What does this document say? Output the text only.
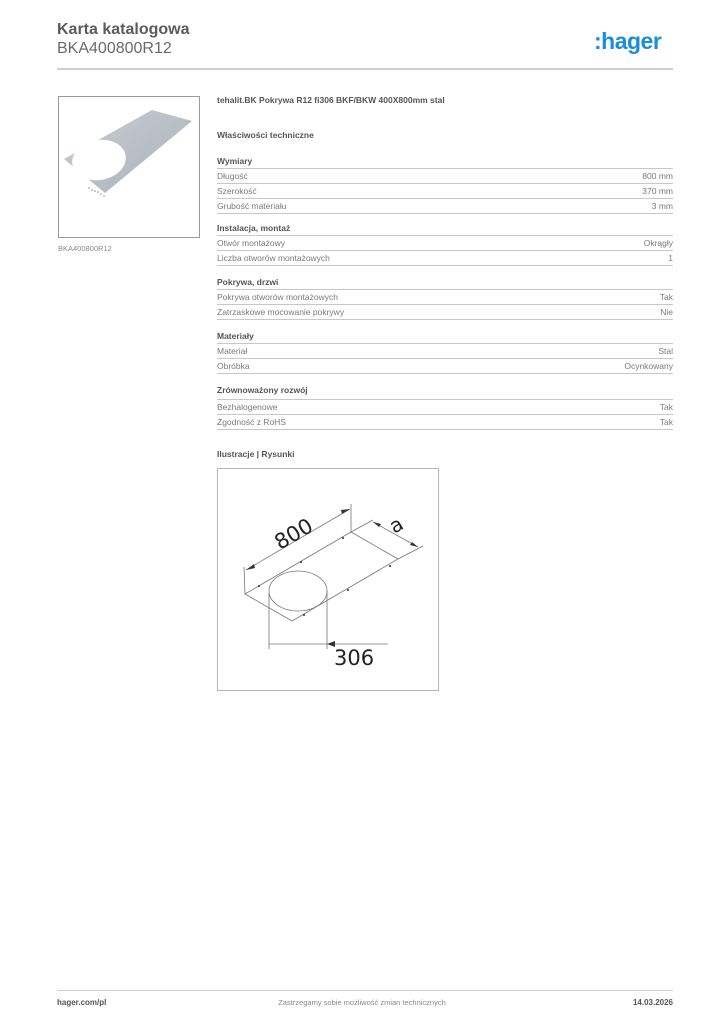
Karta katalogowa
BKA400800R12	:hager
BKA400800R12
tehalit.BK Pokrywa R12 fi306 BKF/BKW 400X800mm stal
Właściwości techniczne
Wymiary
Długość	800 mm
Szerokość	370 mm
Grubość materiału	3 mm
Instalacja, montaż
Otwór montażowy	Okrągły
Liczba otworów montażowych	1
Pokrywa, drzwi
Pokrywa otworów montażowych	Tak
Zatrzaskowe mocowanie pokrywy	Nie
Materiały
Materiał	Stal
Obróbka	Ocynkowany
Zrównoważony rozwój
Bezhalogenowe	Tak
Zgodność z RoHS	Tak
Ilustracje | Rysunki
800	a
306
hager.com/pl	Zastrzegamy sobie możliwość zmian technicznych	14.03.2026
